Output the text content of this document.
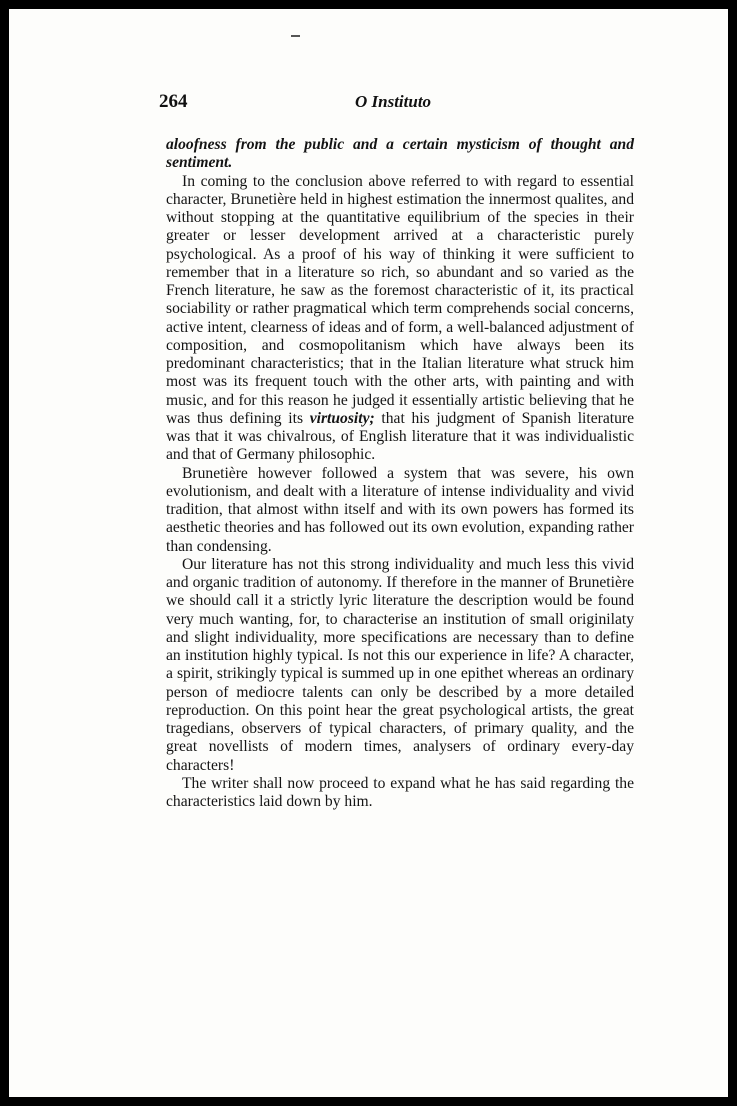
264	O Instituto

aloofness from the public and a certain mysticism of thought and sentiment.

In coming to the conclusion above referred to with regard to essential character, Brunetière held in highest estimation the innermost qualites, and without stopping at the quantitative equilibrium of the species in their greater or lesser development arrived at a characteristic purely psychological. As a proof of his way of thinking it were sufficient to remember that in a literature so rich, so abundant and so varied as the French literature, he saw as the foremost characteristic of it, its practical sociability or rather pragmatical which term comprehends social concerns, active intent, clearness of ideas and of form, a well-balanced adjustment of composition, and cosmopolitanism which have always been its predominant characteristics; that in the Italian literature what struck him most was its frequent touch with the other arts, with painting and with music, and for this reason he judged it essentially artistic believing that he was thus defining its virtuosity; that his judgment of Spanish literature was that it was chivalrous, of English literature that it was individualistic and that of Germany philosophic.

Brunetière however followed a system that was severe, his own evolutionism, and dealt with a literature of intense individuality and vivid tradition, that almost withn itself and with its own powers has formed its aesthetic theories and has followed out its own evolution, expanding rather than condensing.

Our literature has not this strong individuality and much less this vivid and organic tradition of autonomy. If therefore in the manner of Brunetière we should call it a strictly lyric literature the description would be found very much wanting, for, to characterise an institution of small originilaty and slight individuality, more specifications are necessary than to define an institution highly typical. Is not this our experience in life? A character, a spirit, strikingly typical is summed up in one epithet whereas an ordinary person of mediocre talents can only be described by a more detailed reproduction. On this point hear the great psychological artists, the great tragedians, observers of typical characters, of primary quality, and the great novellists of modern times, analysers of ordinary every-day characters!

The writer shall now proceed to expand what he has said regarding the characteristics laid down by him.
